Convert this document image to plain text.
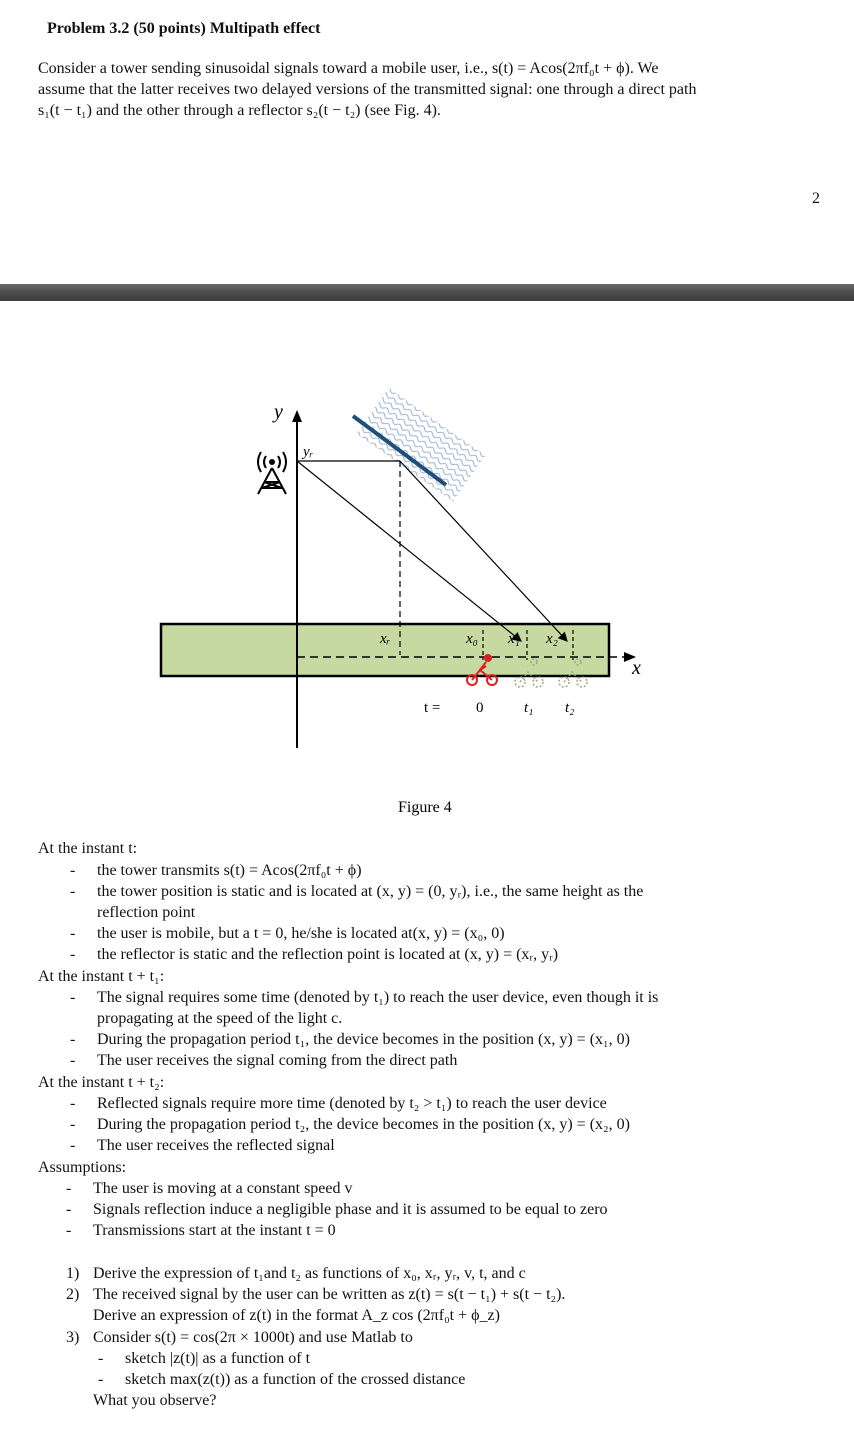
Problem 3.2 (50 points) Multipath effect
Consider a tower sending sinusoidal signals toward a mobile user, i.e., s(t) = Acos(2πf₀t + ϕ). We
assume that the latter receives two delayed versions of the transmitted signal: one through a direct path
s₁(t − t₁) and the other through a reflector s₂(t − t₂) (see Fig. 4).
2
y
x
yᵣ
xᵣ	x₀ x₁ x₂
t = 0	t₁ t₂
Figure 4
At the instant t:
- the tower transmits s(t) = Acos(2πf₀t + ϕ)
- the tower position is static and is located at (x, y) = (0, yᵣ), i.e., the same height as the
reflection point
- the user is mobile, but a t = 0, he/she is located at(x, y) = (x₀, 0)
- the reflector is static and the reflection point is located at (x, y) = (xᵣ, yᵣ)
At the instant t + t₁:
- The signal requires some time (denoted by t₁) to reach the user device, even though it is
propagating at the speed of the light c.
- During the propagation period t₁, the device becomes in the position (x, y) = (x₁, 0)
- The user receives the signal coming from the direct path
At the instant t + t₂:
- Reflected signals require more time (denoted by t₂ > t₁) to reach the user device
- During the propagation period t₂, the device becomes in the position (x, y) = (x₂, 0)
- The user receives the reflected signal
Assumptions:
- The user is moving at a constant speed v
- Signals reflection induce a negligible phase and it is assumed to be equal to zero
- Transmissions start at the instant t = 0
1) Derive the expression of t₁and t₂ as functions of x₀, xᵣ, yᵣ, v, t, and c
2) The received signal by the user can be written as z(t) = s(t − t₁) + s(t − t₂).
Derive an expression of z(t) in the format A_z cos (2πf₀t + ϕ_z)
3) Consider s(t) = cos(2π × 1000t) and use Matlab to
- sketch |z(t)| as a function of t
- sketch max(z(t)) as a function of the crossed distance
What you observe?
